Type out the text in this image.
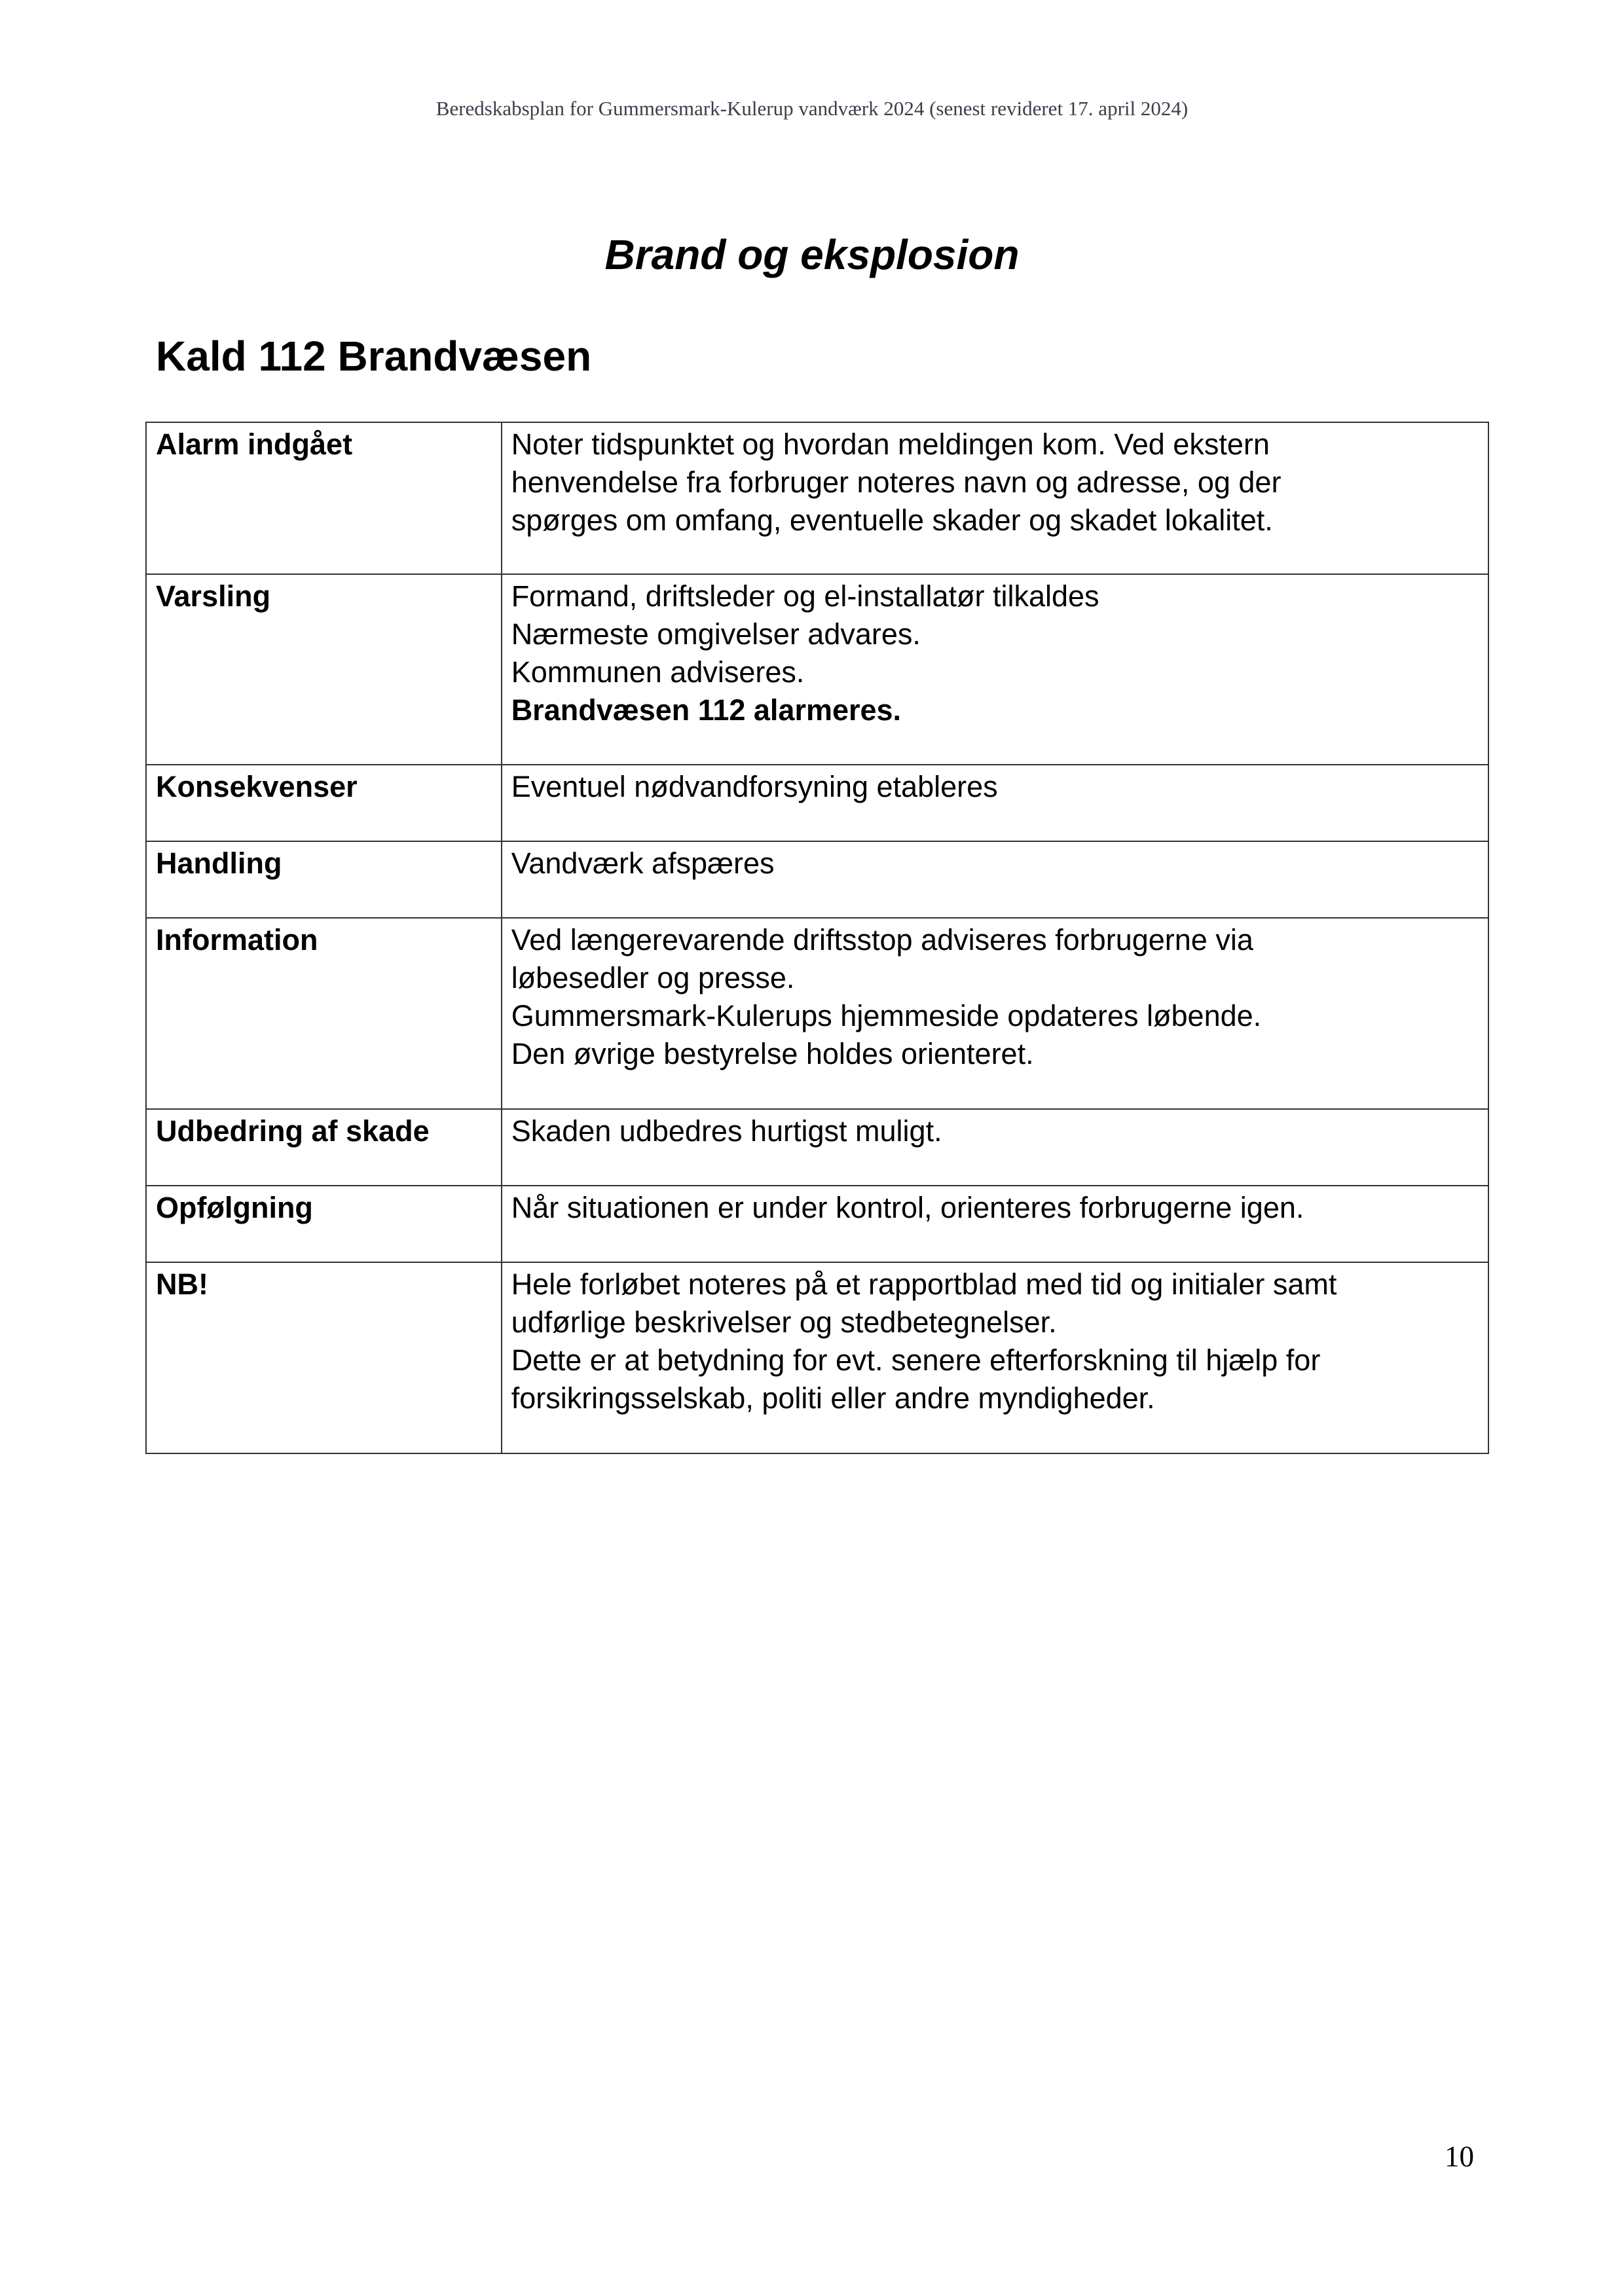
Beredskabsplan for Gummersmark-Kulerup vandværk 2024 (senest revideret 17. april 2024)
Brand og eksplosion
Kald 112 Brandvæsen
Alarm indgået	Noter tidspunktet og hvordan meldingen kom. Ved ekstern
henvendelse fra forbruger noteres navn og adresse, og der
spørges om omfang, eventuelle skader og skadet lokalitet.

Varsling	Formand, driftsleder og el-installatør tilkaldes
Nærmeste omgivelser advares.
Kommunen adviseres.
Brandvæsen 112 alarmeres.

Konsekvenser	Eventuel nødvandforsyning etableres

Handling	Vandværk afspæres

Information	Ved længerevarende driftsstop adviseres forbrugerne via
løbesedler og presse.
Gummersmark-Kulerups hjemmeside opdateres løbende.
Den øvrige bestyrelse holdes orienteret.

Udbedring af skade	Skaden udbedres hurtigst muligt.

Opfølgning	Når situationen er under kontrol, orienteres forbrugerne igen.

NB!	Hele forløbet noteres på et rapportblad med tid og initialer samt
udførlige beskrivelser og stedbetegnelser.
Dette er at betydning for evt. senere efterforskning til hjælp for
forsikringsselskab, politi eller andre myndigheder.
10
